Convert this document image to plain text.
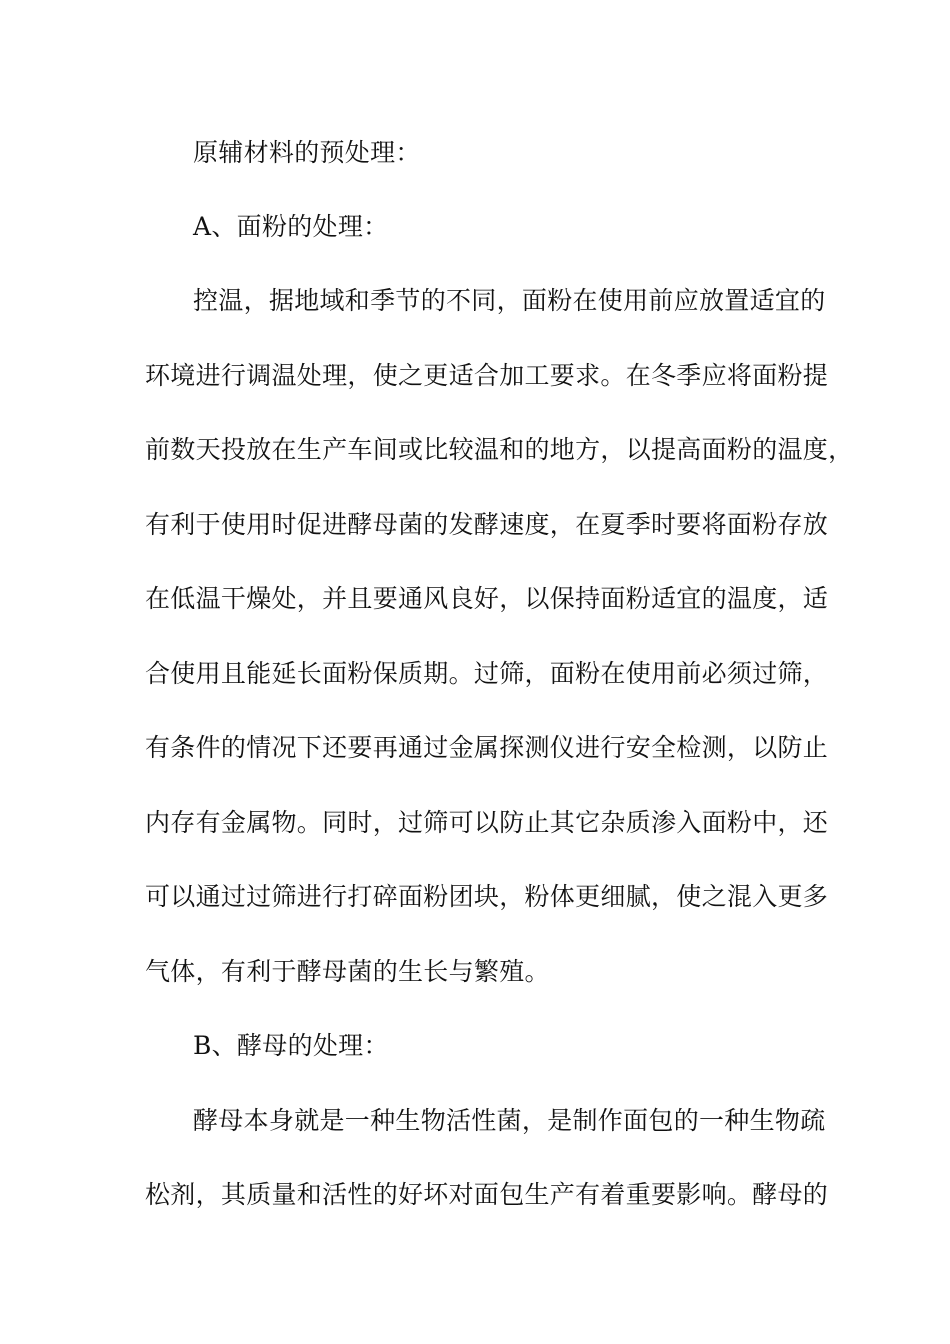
原辅材料的预处理：
A、面粉的处理：
控温，据地域和季节的不同，面粉在使用前应放置适宜的
环境进行调温处理，使之更适合加工要求。在冬季应将面粉提
前数天投放在生产车间或比较温和的地方，以提高面粉的温度，
有利于使用时促进酵母菌的发酵速度，在夏季时要将面粉存放
在低温干燥处，并且要通风良好，以保持面粉适宜的温度，适
合使用且能延长面粉保质期。过筛，面粉在使用前必须过筛，
有条件的情况下还要再通过金属探测仪进行安全检测，以防止
内存有金属物。同时，过筛可以防止其它杂质渗入面粉中，还
可以通过过筛进行打碎面粉团块，粉体更细腻，使之混入更多
气体，有利于酵母菌的生长与繁殖。
B、酵母的处理：
酵母本身就是一种生物活性菌，是制作面包的一种生物疏
松剂，其质量和活性的好坏对面包生产有着重要影响。酵母的
